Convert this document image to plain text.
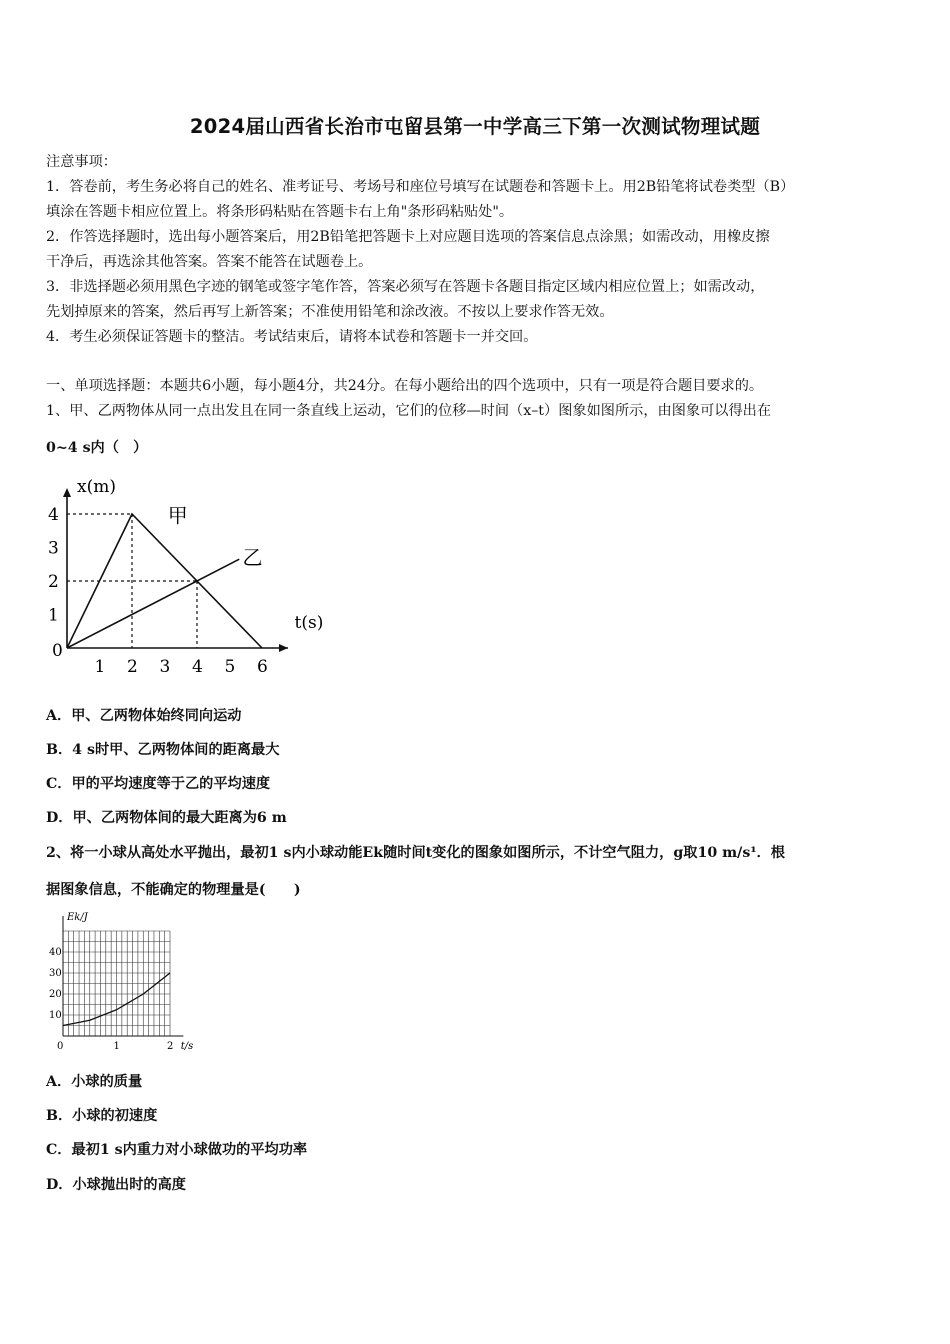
2024届山西省长治市屯留县第一中学高三下第一次测试物理试题
注意事项：
1．答卷前，考生务必将自己的姓名、准考证号、考场号和座位号填写在试题卷和答题卡上。用2B铅笔将试卷类型（B）
填涂在答题卡相应位置上。将条形码粘贴在答题卡右上角"条形码粘贴处"。
2．作答选择题时，选出每小题答案后，用2B铅笔把答题卡上对应题目选项的答案信息点涂黑；如需改动，用橡皮擦
干净后，再选涂其他答案。答案不能答在试题卷上。
3．非选择题必须用黑色字迹的钢笔或签字笔作答，答案必须写在答题卡各题目指定区域内相应位置上；如需改动，
先划掉原来的答案，然后再写上新答案；不准使用铅笔和涂改液。不按以上要求作答无效。
4．考生必须保证答题卡的整洁。考试结束后，请将本试卷和答题卡一并交回。
一、单项选择题：本题共6小题，每小题4分，共24分。在每小题给出的四个选项中，只有一项是符合题目要求的。
1、甲、乙两物体从同一点出发且在同一条直线上运动，它们的位移—时间（x–t）图象如图所示，由图象可以得出在
0~4 s内（　）
x(m)
t(s)
0
1 2 3 4 5 6
1
2
3
4	甲
乙
A．甲、乙两物体始终同向运动
B．4 s时甲、乙两物体间的距离最大
C．甲的平均速度等于乙的平均速度
D．甲、乙两物体间的最大距离为6 m
2、将一小球从高处水平抛出，最初1 s内小球动能Ek随时间t变化的图象如图所示，不计空气阻力，g取10 m/s¹．根
据图象信息，不能确定的物理量是(　　)
Ek/J
t/s
0	1	2
10
20
30
40
A．小球的质量
B．小球的初速度
C．最初1 s内重力对小球做功的平均功率
D．小球抛出时的高度
